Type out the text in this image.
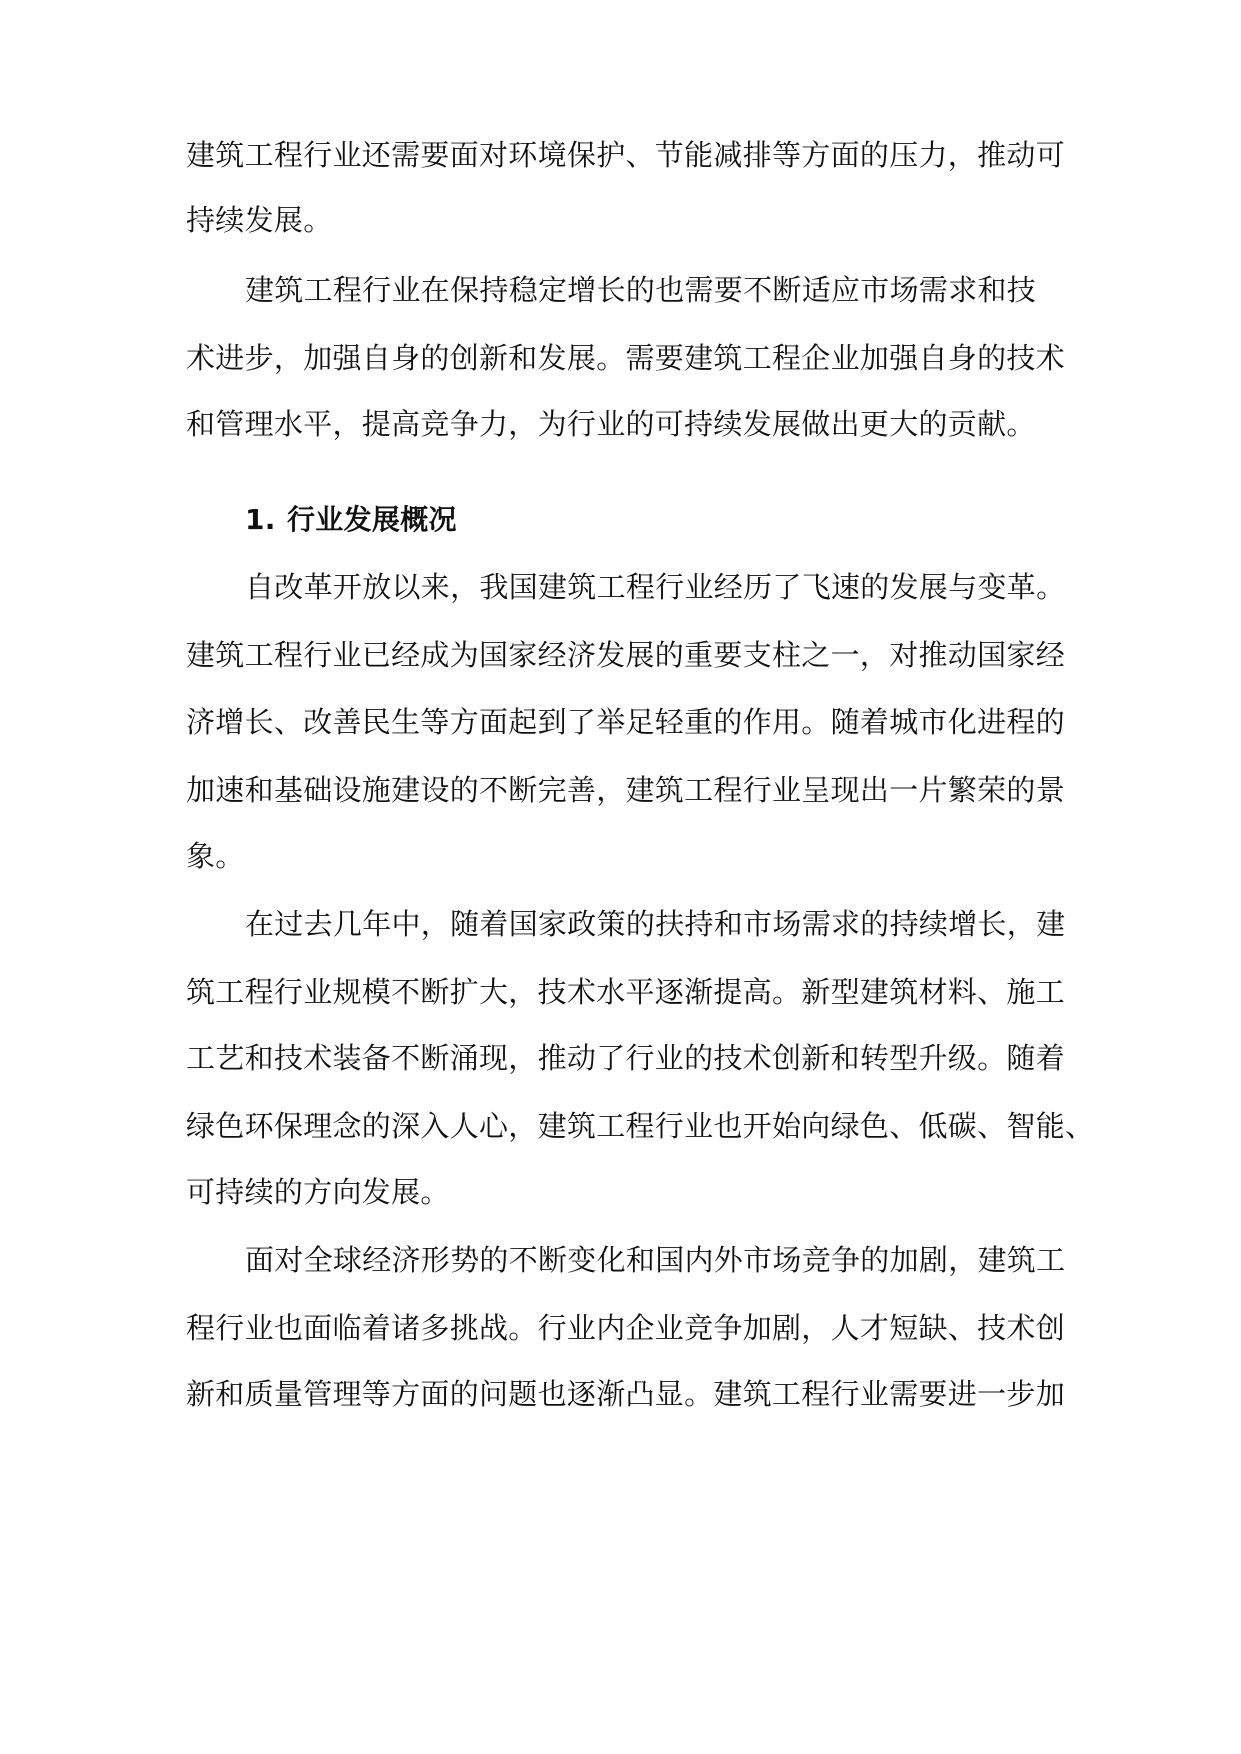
建筑工程行业还需要面对环境保护、节能减排等方面的压力，推动可
持续发展。
建筑工程行业在保持稳定增长的也需要不断适应市场需求和技
术进步，加强自身的创新和发展。需要建筑工程企业加强自身的技术
和管理水平，提高竞争力，为行业的可持续发展做出更大的贡献。
1. 行业发展概况
自改革开放以来，我国建筑工程行业经历了飞速的发展与变革。
建筑工程行业已经成为国家经济发展的重要支柱之一，对推动国家经
济增长、改善民生等方面起到了举足轻重的作用。随着城市化进程的
加速和基础设施建设的不断完善，建筑工程行业呈现出一片繁荣的景
象。
在过去几年中，随着国家政策的扶持和市场需求的持续增长，建
筑工程行业规模不断扩大，技术水平逐渐提高。新型建筑材料、施工
工艺和技术装备不断涌现，推动了行业的技术创新和转型升级。随着
绿色环保理念的深入人心，建筑工程行业也开始向绿色、低碳、智能、
可持续的方向发展。
面对全球经济形势的不断变化和国内外市场竞争的加剧，建筑工
程行业也面临着诸多挑战。行业内企业竞争加剧，人才短缺、技术创
新和质量管理等方面的问题也逐渐凸显。建筑工程行业需要进一步加
